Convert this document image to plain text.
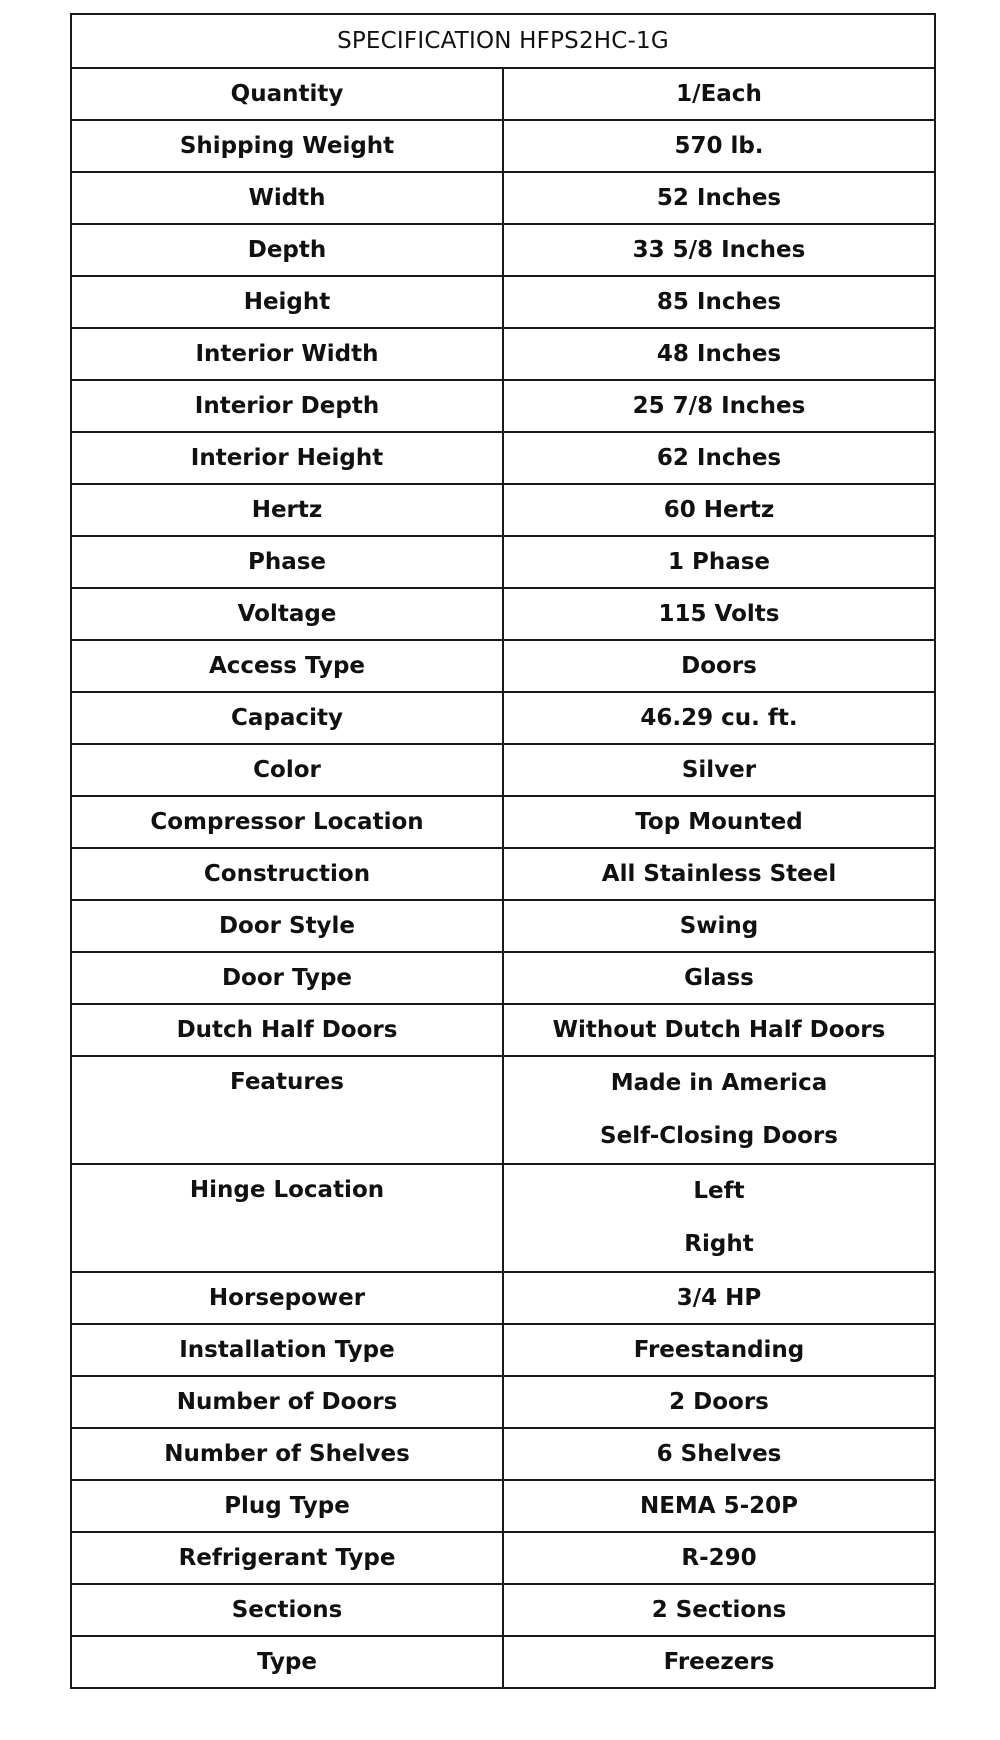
SPECIFICATION HFPS2HC-1G	
Quantity	1/Each
Shipping Weight	570 lb.
Width	52 Inches
Depth	33 5/8 Inches
Height	85 Inches
Interior Width	48 Inches
Interior Depth	25 7/8 Inches
Interior Height	62 Inches
Hertz	60 Hertz
Phase	1 Phase
Voltage	115 Volts
Access Type	Doors
Capacity	46.29 cu. ft.
Color	Silver
Compressor Location	Top Mounted
Construction	All Stainless Steel
Door Style	Swing
Door Type	Glass
Dutch Half Doors	Without Dutch Half Doors
Features	Made in America
Self-Closing Doors

Hinge Location	Left
Right

Horsepower	3/4 HP
Installation Type	Freestanding
Number of Doors	2 Doors
Number of Shelves	6 Shelves
Plug Type	NEMA 5-20P
Refrigerant Type	R-290
Sections	2 Sections
Type	Freezers
